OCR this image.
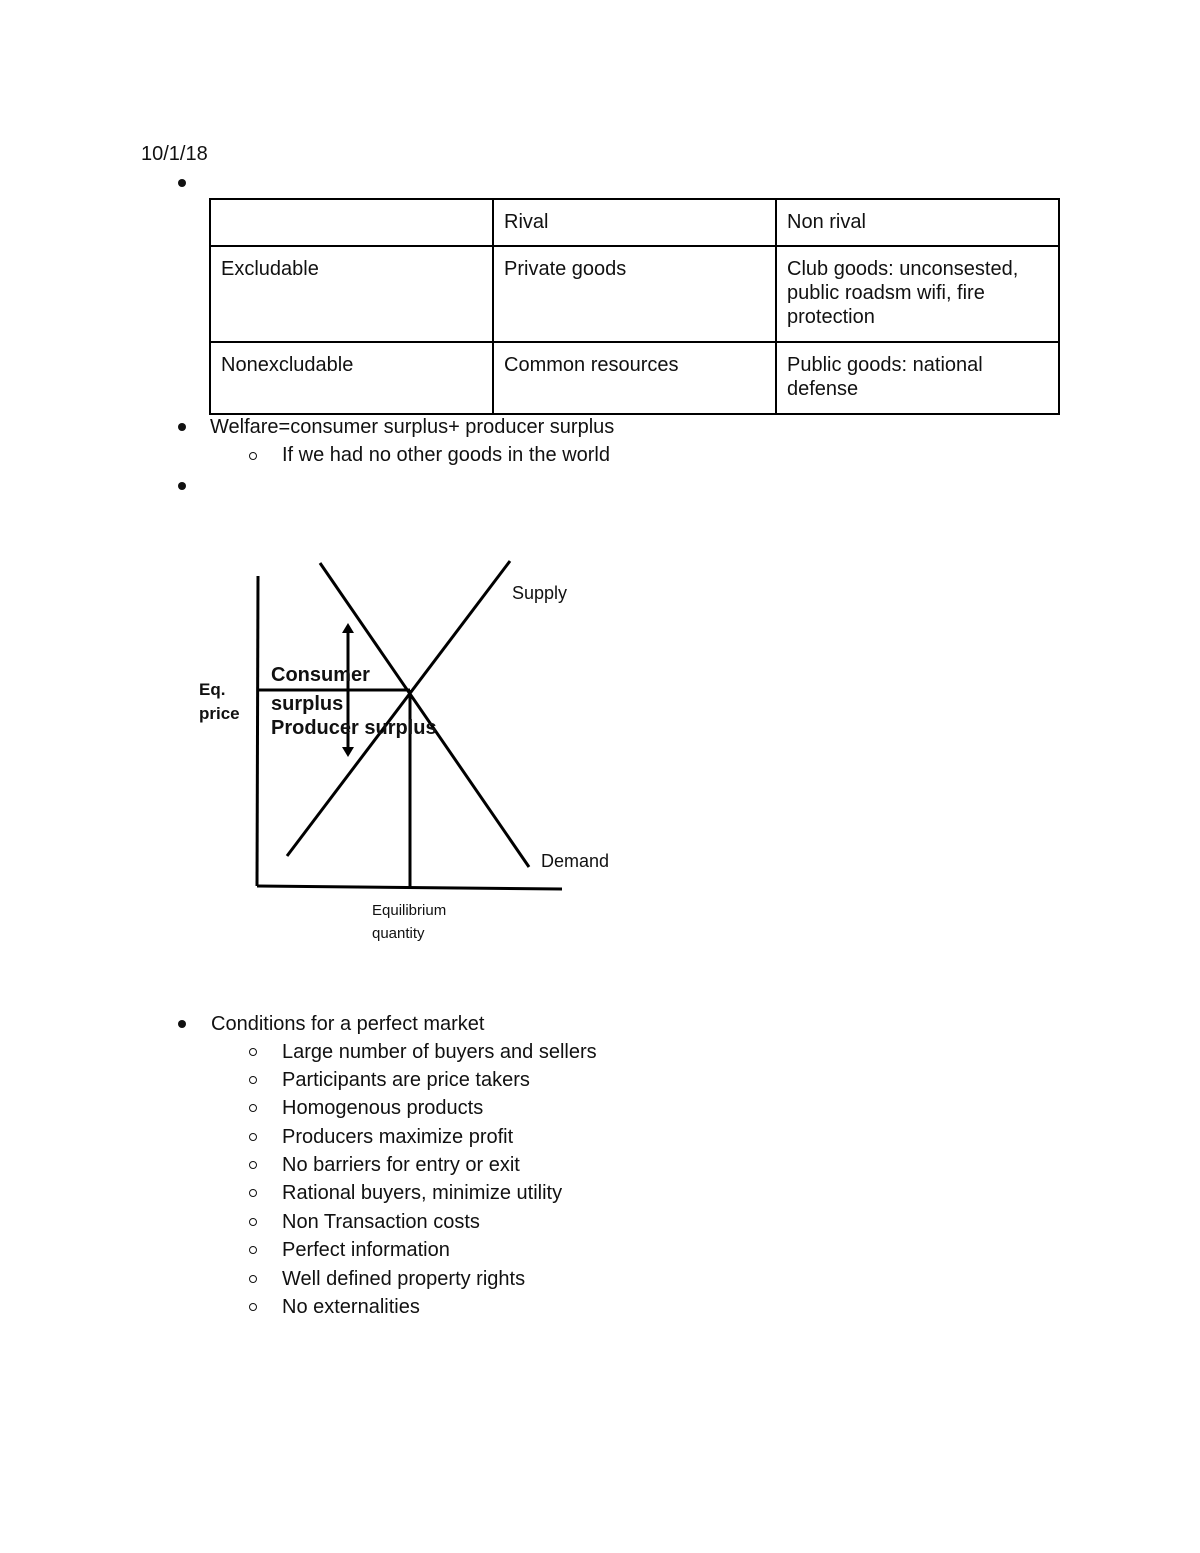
10/1/18
	Rival	Non rival
Excludable	Private goods	Club goods: unconsested, public roadsm wifi, fire protection
Nonexcludable	Common resources	Public goods: national defense
Welfare=consumer surplus+ producer surplus
If we had no other goods in the world
Supply
Demand
Eq.
price
Consumer
surplus
Producer surplus
Equilibrium
quantity
Conditions for a perfect market
Large number of buyers and sellers
Participants are price takers
Homogenous products
Producers maximize profit
No barriers for entry or exit
Rational buyers, minimize utility
Non Transaction costs
Perfect information
Well defined property rights
No externalities
